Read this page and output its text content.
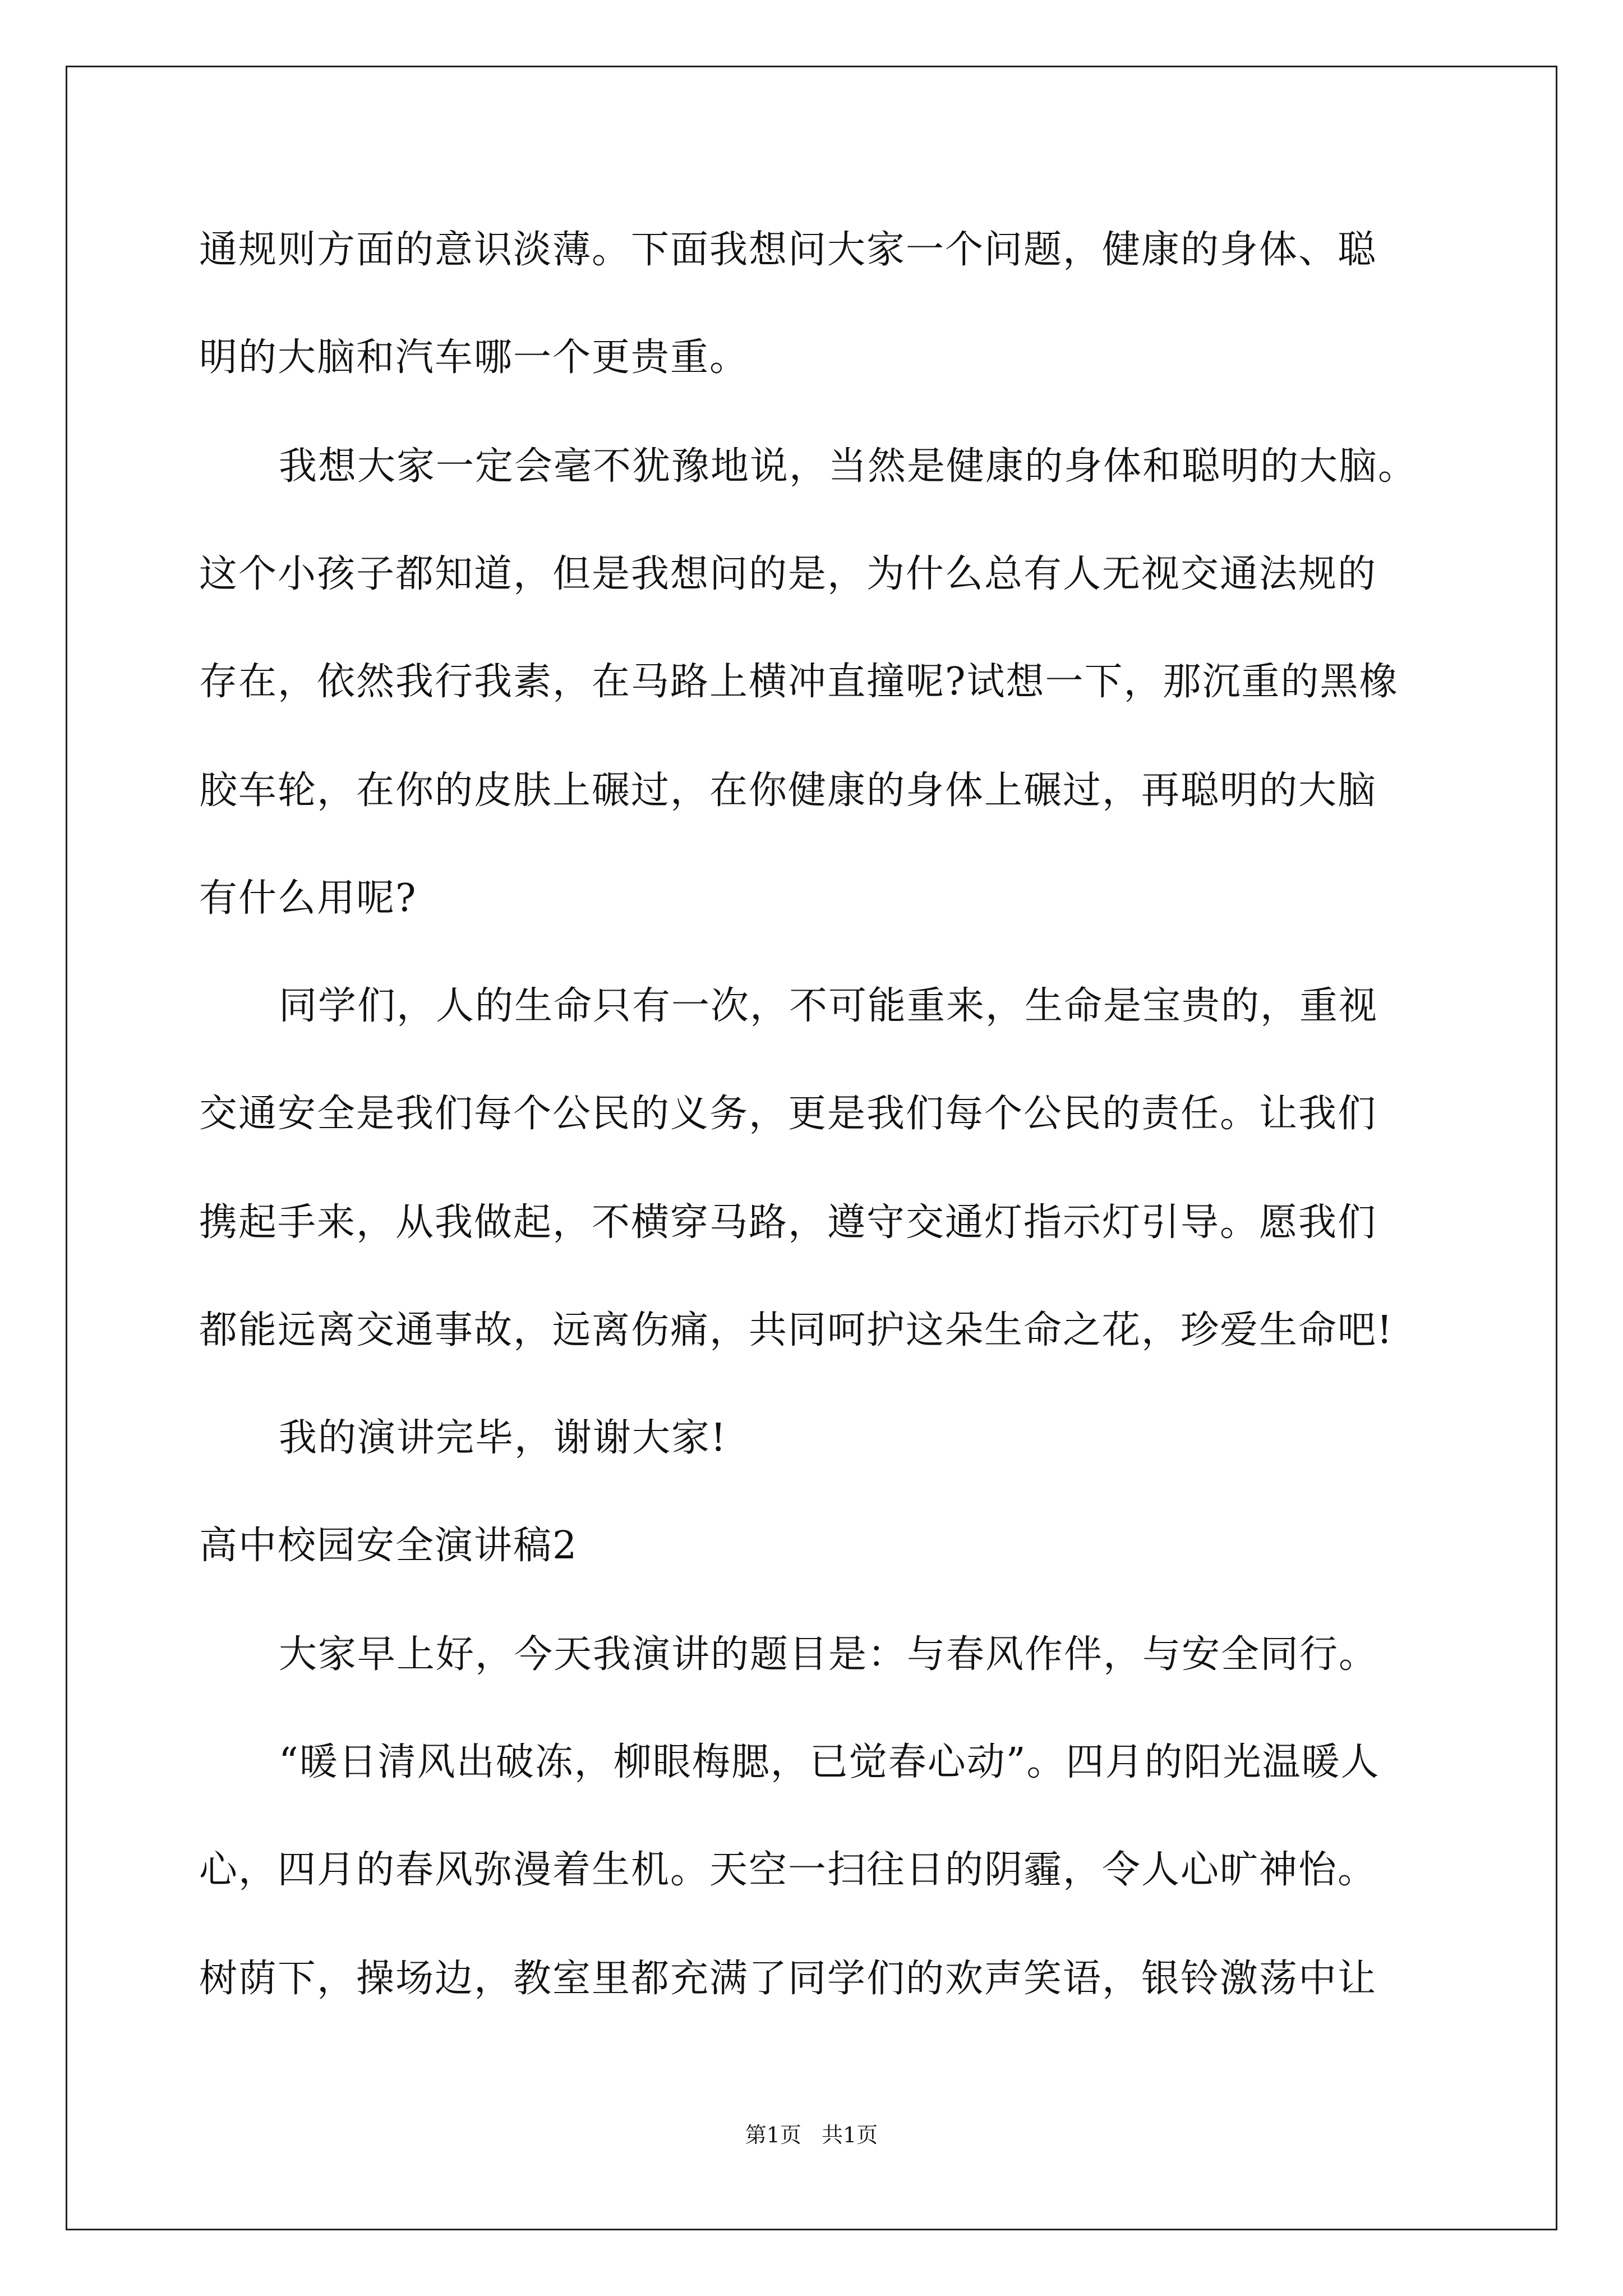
通规则方面的意识淡薄。下面我想问大家一个问题，健康的身体、聪
明的大脑和汽车哪一个更贵重。
我想大家一定会毫不犹豫地说，当然是健康的身体和聪明的大脑。
这个小孩子都知道，但是我想问的是，为什么总有人无视交通法规的
存在，依然我行我素，在马路上横冲直撞呢?试想一下，那沉重的黑橡
胶车轮，在你的皮肤上碾过，在你健康的身体上碾过，再聪明的大脑
有什么用呢?
同学们，人的生命只有一次，不可能重来，生命是宝贵的，重视
交通安全是我们每个公民的义务，更是我们每个公民的责任。让我们
携起手来，从我做起，不横穿马路，遵守交通灯指示灯引导。愿我们
都能远离交通事故，远离伤痛，共同呵护这朵生命之花，珍爱生命吧!
我的演讲完毕，谢谢大家!
高中校园安全演讲稿2
大家早上好，今天我演讲的题目是：与春风作伴，与安全同行。
“暖日清风出破冻，柳眼梅腮，已觉春心动”。四月的阳光温暖人
心，四月的春风弥漫着生机。天空一扫往日的阴霾，令人心旷神怡。
树荫下，操场边，教室里都充满了同学们的欢声笑语，银铃激荡中让
第1页   共1页
